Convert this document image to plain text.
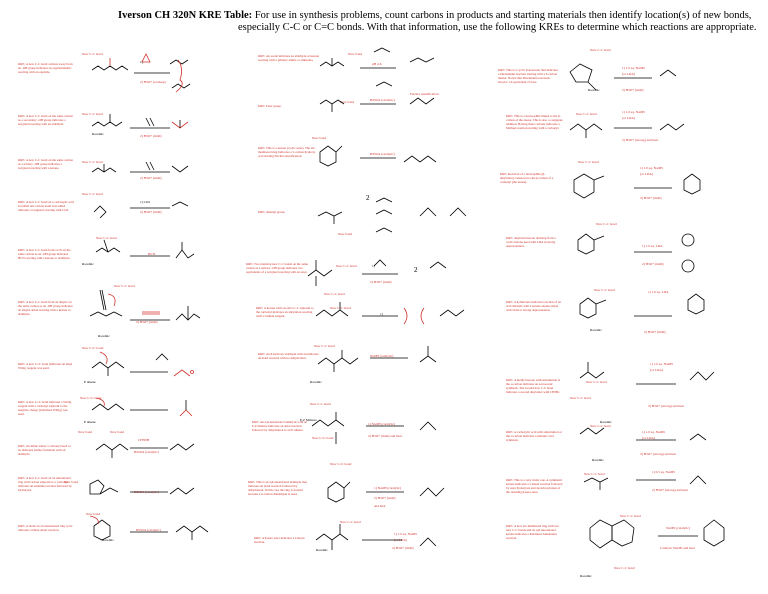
Iverson CH 320N KRE Table: For use in synthesis problems, count carbons in products and starting materials then identify location(s) of new bonds,
especially C-C or C=C bonds. With that information, use the following KREs to determine which reactions are appropriate.
KRE: A new C-C bond carbons away from an -OH group indicates an organometallic reacting with an epoxide.
KRE: A new C-C bond on the same carbon as a secondary -OH group indicates a Grignard reacting with an aldehyde.
KRE: A new C-C bond on the same carbon as a tertiary -OH group indicates a Grignard reacting with a ketone.
KRE: A new C-C bond on a carboxylic acid in which one carbon atom was added indicates a Grignard reacting with CO2.
KRE: A new C-C bond from a CN on the same carbon as an -OH group indicates HCN reacting with a ketone or aldehyde.
KRE: A new C-C bond from an alkyne on the same carbon as an -OH group indicates an alkyne anion reacting with a ketone or aldehyde.
KRE: A new C=C bond (indicates an alkyl Wittig reagent was used.
KRE: A new C=C bond indicates a Wittig reagent with a carbonyl adjacent to the negative charge (stabilized Wittig) was used.
KRE: An imine where a carbonyl used to be indicates amine formation with an aldehyde.
KRE: A new C-C bond on an unsaturated ring with carbon adjacent to a carbonyl indicates an enamine reaction followed by hydrolysis.
KRE: A diene on an unsaturated ring cycle indicates a Diels-Alder reaction.
KRE: An acetal indicates an aldehyde or ketone reacting with a primary amine or ammonia.
KRE: Ester group.
KRE: This is a ketone (cyclic ester). The six-membered ring indicates a 5-carbon hydroxy acid starting Fischer esterification.
KRE: Alkenyl group.
KRE: Two identical new C-C bonds on the same carbon as a tertiary -OH group indicates two equivalents of a Grignard reacting with an ester.
KRE: A ketone with an extra C-C adjacent to the carbonyl indicates an alkylation reacting with a Gilman reagent.
KRE: An β-hydroxy aldehyde with an indicates an aldol reaction with no dehydration.
KRE: An α,β-unsaturated aldehyde with an E,Z mixture indicates an aldol reaction followed by dehydration to an E-alkene.
KRE: This is an α,β-unsaturated aldehyde that indicates an aldol reaction followed by dehydration. In this case the ring is formed because a 6-carbon dialdehyde is used.
KRE: A β-keto ester indicates a Claisen reaction.
KRE: This is a cyclic β-ketoester that indicates a Dieckmann reaction starting with a 6-carbon diester. Notice that Dieckmann reactions involve 1,6 equivalent of base.
KRE: This is a nucleophile linked to the β-carbon of the enone. This is also a conjugate addition. Having three carbons indicates a Michael reaction starting with a carbonyl.
KRE: Reaction of a nucleophile (β-alkylation) connected to the β-carbon of a carbonyl (the enone).
KRE: alkylated ketone deriving from a cyclic ketone used with LDA in strong deprotonation.
KRE: A β-diketone indicates reaction of an acid chloride with a ketone enolate made with LDA or strong deprotonation.
KRE: A methyl ketone with substitution at the α-carbon indicates an acetoacetic synthesis. The second new C-C bond indicates a second alkylation with CH3Br.
KRE: A carboxylic acid with substitution at the α-carbon indicates a malonic acid synthesis.
KRE: This is a very tricky one. A symmetric ketone indicates a Claisen reaction followed by ester hydrolysis and decarboxylation of the resulting β-keto ester.
KRE: A new six-membered ring with two new C-C bonds and an α,β-unsaturated ketone indicates a Robinson Annulation reaction.
New C-C bond
New C-C bond
Racemic
New C-C bond
New C-C bond
New C-C bond
Racemic
New C-C bond
Racemic
New C=C bond
E alkene
New C=C bond
E alkene
New bond	New bond
New bond
New bond
Racemic
New bond
New bond
New bond
New bond
New C-C bond
New C-C bond
New C-C bond
New C-C bond
Racemic
New C-C bond
E,Z Mixture
New C=C bond
New C=C bond
New C-C bond
Racemic
New C-C bond
Racemic
New C-C bond
New C-C bond
New C-C bond
New C-C bond
Racemic
New C-C bond
New C-C bond
Racemic
New C-C bond
Racemic
New C-C bond
New C-C bond
New C-C bond
Racemic
1)
2) H3O+ (workup)
2) H3O+ (mild)
2) H3O+ (mild)
1) CO2
2) H3O+ (mild)
HCN
2) H3O+ (mild)
CH3NH
H2SO4 (catalytic)
H2SO4 (catalytic)
H2SO4 (catalytic)
pH 4-6
H2SO4 (catalytic)
Fischer esterification
H2SO4 (catalytic)
1)
2) H3O+ (mild)
1)
NaOH (catalytic)
1) NaOH (catalytic)
2) H3O+ (mild) and heat
1) NaOH (catalytic)
2) H3O+ (mild)
and heat
1) 1.0 eq. NaOEt
(or LDA)
2) H3O+ (mild)
1) 1.0 eq. NaOEt
(or LDA)
2) H3O+ (mild)
1) 1.0 eq. NaOEt
(or LDA)
2) H3O+ (strong) and heat
1) 1.0 eq. NaOEt
(or LDA)
2) H3O+ (mild)
1) 1.0 eq. LDA
2) H3O+ (mild)
1) 1.0 eq. LDA
2) H3O+ (mild)
1) 1.0 eq. NaOEt
(or LDA)
2) H3O+ (strong) and heat
1) 1.0 eq. NaOEt
(or LDA)
2) H3O+ (strong) and heat
1) 0.5 eq. NaOEt
2) H3O+ (strong) and heat
NaOEt (catalytic)
Catalytic NaOEt and heat
2
2
